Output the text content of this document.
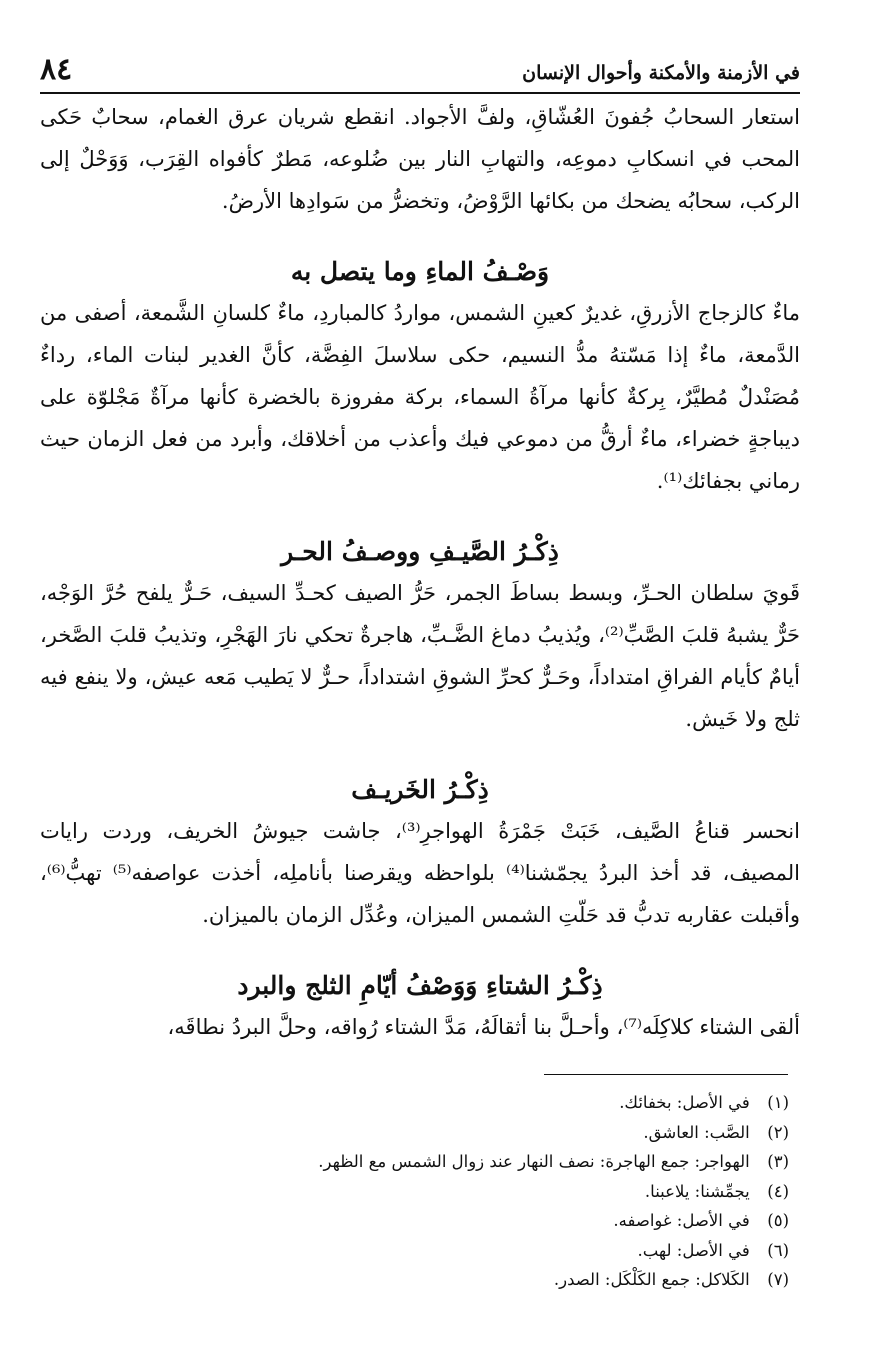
في الأزمنة والأمكنة وأحوال الإنسان
٨٤

استعار السحابُ جُفونَ العُشّاقِ، ولفَّ الأجواد. انقطع شريان عرق الغمام، سحابٌ حَكى المحب في انسكابِ دموعِه، والتهابِ النار بين ضُلوعه، مَطرٌ كأفواه القِرَب، وَوَحْلٌ إلى الركب، سحابُه يضحك من بكائها الرَّوْضُ، وتخضرُّ من سَوادِها الأرضُ.

وَصْـفُ الماءِ وما يتصل به

ماءٌ كالزجاج الأزرقِ، غديرٌ كعينِ الشمس، مواردُ كالمباردِ، ماءٌ كلسانِ الشَّمعة، أصفى من الدَّمعة، ماءٌ إذا مَسّتهُ مدُّ النسيم، حكى سلاسلَ الفِضَّة، كأنَّ الغدير لبنات الماء، رداءٌ مُصَنْدلٌ مُطيَّرٌ، بِركةٌ كأنها مرآةُ السماء، بركة مفروزة بالخضرة كأنها مرآةٌ مَجْلوّة على ديباجةٍ خضراء، ماءٌ أرقُّ من دموعي فيك وأعذب من أخلاقك، وأبرد من فعل الزمان حيث رماني بجفائك⁽¹⁾.

ذِكْـرُ الصَّيـفِ ووصـفُ الحـر

قَويَ سلطان الحـرِّ، وبسط بساطَ الجمر، حَرُّ الصيف كحـدِّ السيف، حَـرٌّ يلفح حُرَّ الوَجْه، حَرٌّ يشبهُ قلبَ الصَّبِّ⁽²⁾، ويُذيبُ دماغ الضَّـبِّ، هاجرةٌ تحكي نارَ الهَجْرِ، وتذيبُ قلبَ الصَّخر، أيامٌ كأيام الفراقِ امتداداً، وحَـرٌّ كحرِّ الشوقِ اشتداداً، حـرٌّ لا يَطيب مَعه عيش، ولا ينفع فيه ثلج ولا خَيش.

ذِكْـرُ الخَريـف

انحسر قناعُ الصَّيف، خَبَتْ جَمْرَةُ الهواجرِ⁽³⁾، جاشت جيوشُ الخريف، وردت رايات المصيف، قد أخذ البردُ يجمّشنا⁽⁴⁾ بلواحظه ويقرصنا بأناملِه، أخذت عواصفه⁽⁵⁾ تهبُّ⁽⁶⁾، وأقبلت عقاربه تدبُّ قد حَلّتِ الشمس الميزان، وعُدِّل الزمان بالميزان.

ذِكْـرُ الشتاءِ وَوَصْفُ أيّامِ الثلج والبرد

ألقى الشتاء كلاكِلَه⁽⁷⁾، وأحـلَّ بنا أثقالَهُ، مَدَّ الشتاء رُواقه، وحلَّ البردُ نطاقَه،

(١) في الأصل: بخفائك.
(٢) الصَّب: العاشق.
(٣) الهواجر: جمع الهاجرة: نصف النهار عند زوال الشمس مع الظهر.
(٤) يجمِّشنا: يلاعبنا.
(٥) في الأصل: غواصفه.
(٦) في الأصل: لهب.
(٧) الكَلاكل: جمع الكَلْكَل: الصدر.
